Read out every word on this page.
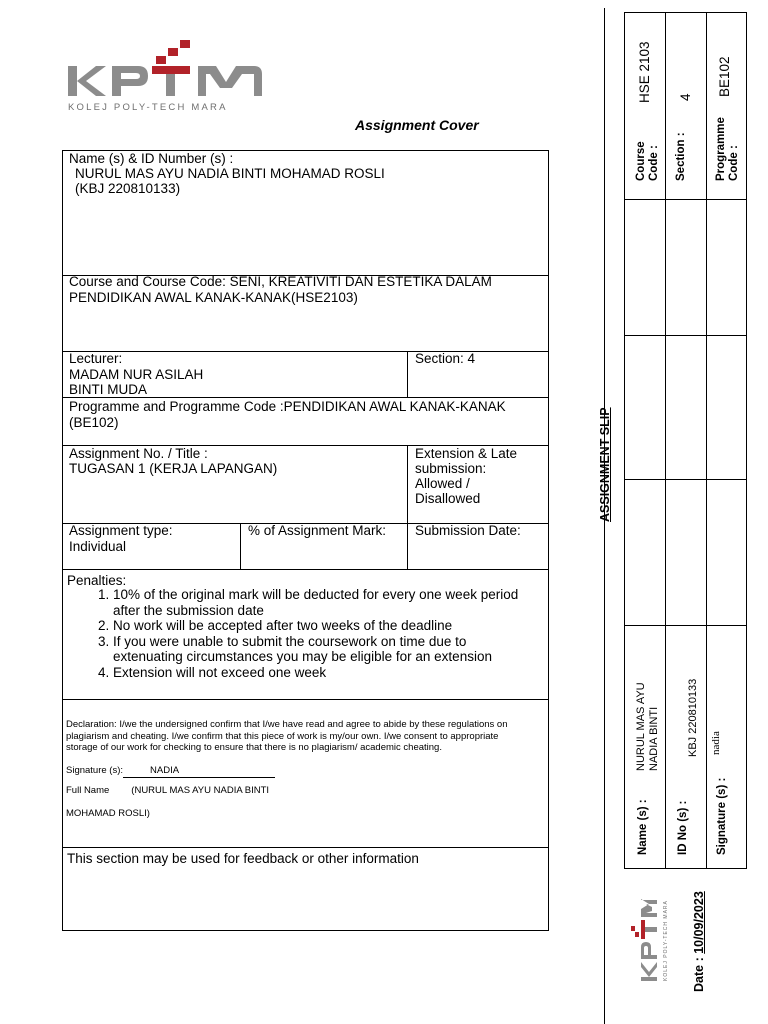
KOLEJ POLY-TECH MARA
Assignment Cover
Name (s) & ID Number (s) :
NURUL MAS AYU NADIA BINTI MOHAMAD ROSLI
(KBJ 220810133)
Course and Course Code: SENI, KREATIVITI DAN ESTETIKA DALAM
PENDIDIKAN AWAL KANAK-KANAK(HSE2103)
Lecturer:
MADAM NUR ASILAH
BINTI MUDA
Section: 4
Programme and Programme Code :PENDIDIKAN AWAL KANAK-KANAK
(BE102)
Assignment No. / Title :
TUGASAN 1 (KERJA LAPANGAN)
Extension & Late
submission:
Allowed /
Disallowed
Assignment type:
Individual
% of Assignment Mark: Submission Date:
Penalties:
1. 10% of the original mark will be deducted for every one week period
after the submission date
2. No work will be accepted after two weeks of the deadline
3. If you were unable to submit the coursework on time due to
extenuating circumstances you may be eligible for an extension
4. Extension will not exceed one week
Declaration: I/we the undersigned confirm that I/we have read and agree to abide by these regulations on
plagiarism and cheating. I/we confirm that this piece of work is my/our own. I/we consent to appropriate
storage of our work for checking to ensure that there is no plagiarism/ academic cheating.
Signature (s):	NADIA
Full Name (NURUL MAS AYU NADIA BINTI
MOHAMAD ROSLI)
This section may be used for feedback or other information
Course
Code :
HSE 2103
Section :
4
Programme
Code :
BE102
Name (s) :
NURUL MAS AYU
NADIA BINTI
ID No (s) :
KBJ 220810133
Signature (s) :
nadia
ASSIGNMENT SLIP
KOLEJ POLY-TECH MARA Date : 10/09/2023
